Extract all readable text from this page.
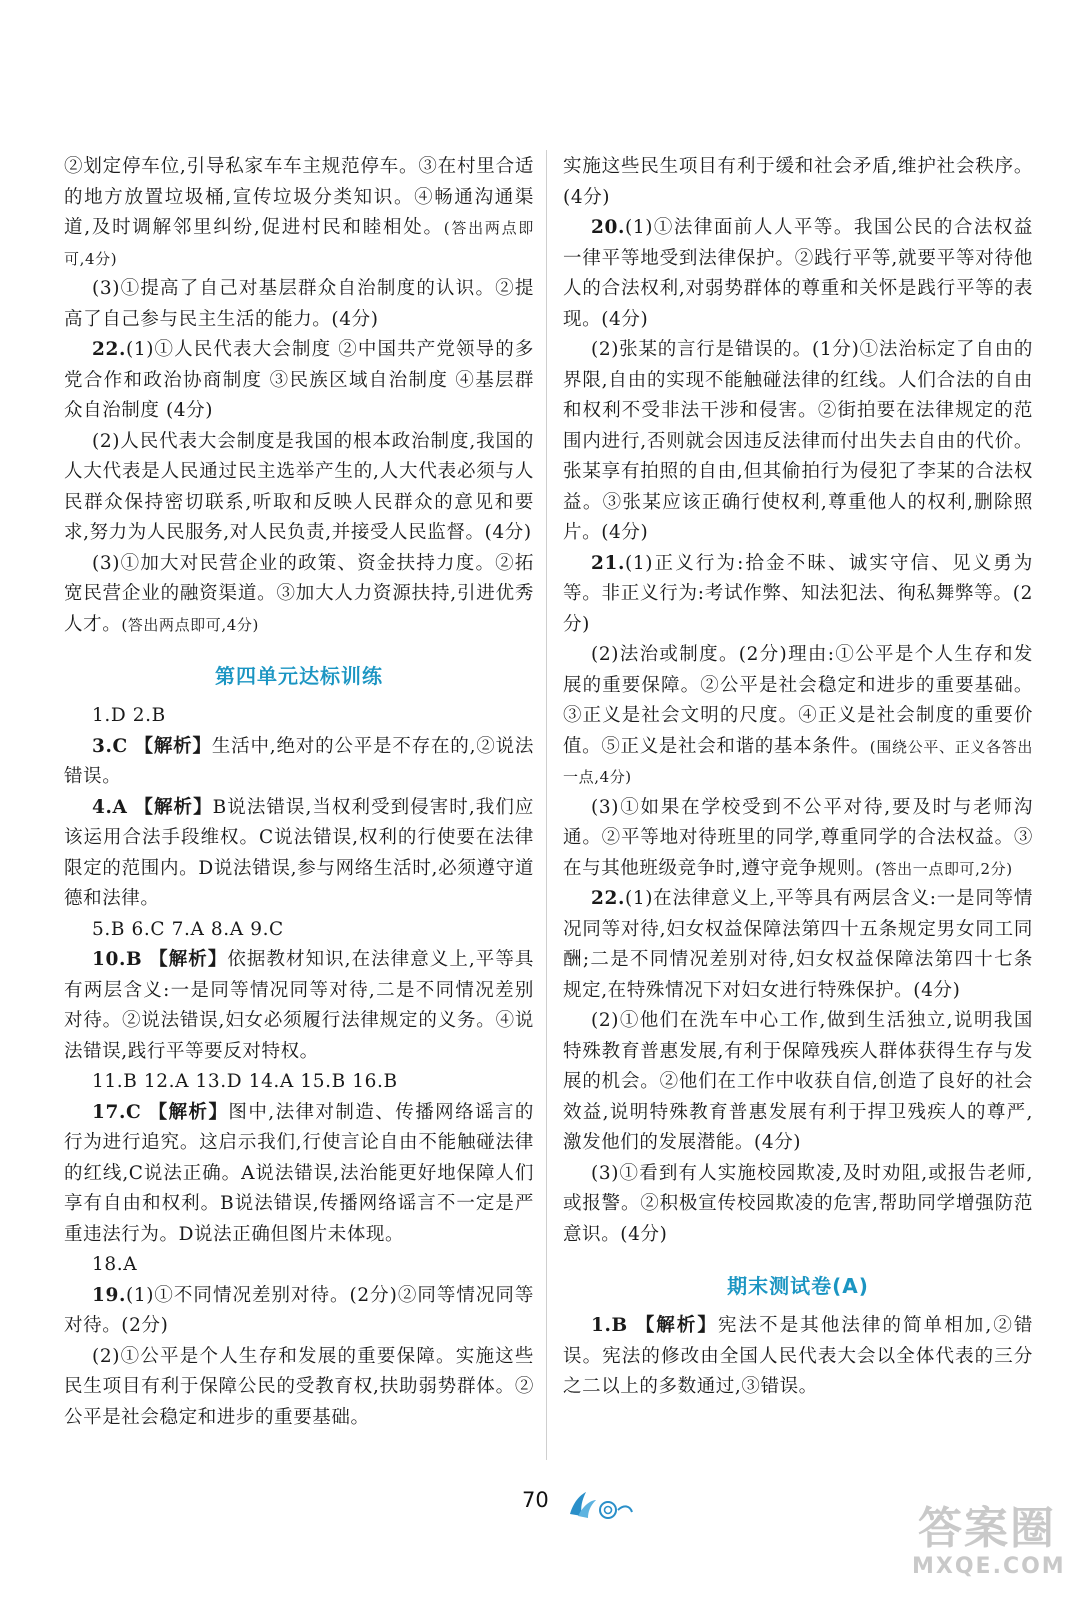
②划定停车位,引导私家车车主规范停车。③在村里合适的地方放置垃圾桶,宣传垃圾分类知识。④畅通沟通渠道,及时调解邻里纠纷,促进村民和睦相处。(答出两点即可,4分)

(3)①提高了自己对基层群众自治制度的认识。②提高了自己参与民主生活的能力。(4分)

22.(1)①人民代表大会制度 ②中国共产党领导的多党合作和政治协商制度 ③民族区域自治制度 ④基层群众自治制度 (4分)

(2)人民代表大会制度是我国的根本政治制度,我国的人大代表是人民通过民主选举产生的,人大代表必须与人民群众保持密切联系,听取和反映人民群众的意见和要求,努力为人民服务,对人民负责,并接受人民监督。(4分)

(3)①加大对民营企业的政策、资金扶持力度。②拓宽民营企业的融资渠道。③加大人力资源扶持,引进优秀人才。(答出两点即可,4分)

第四单元达标训练

1.D 2.B

3.C 【解析】生活中,绝对的公平是不存在的,②说法错误。

4.A 【解析】B说法错误,当权利受到侵害时,我们应该运用合法手段维权。C说法错误,权利的行使要在法律限定的范围内。D说法错误,参与网络生活时,必须遵守道德和法律。

5.B 6.C 7.A 8.A 9.C

10.B 【解析】依据教材知识,在法律意义上,平等具有两层含义:一是同等情况同等对待,二是不同情况差别对待。②说法错误,妇女必须履行法律规定的义务。④说法错误,践行平等要反对特权。

11.B 12.A 13.D 14.A 15.B 16.B

17.C 【解析】图中,法律对制造、传播网络谣言的行为进行追究。这启示我们,行使言论自由不能触碰法律的红线,C说法正确。A说法错误,法治能更好地保障人们享有自由和权利。B说法错误,传播网络谣言不一定是严重违法行为。D说法正确但图片未体现。

18.A

19.(1)①不同情况差别对待。(2分)②同等情况同等对待。(2分)

(2)①公平是个人生存和发展的重要保障。实施这些民生项目有利于保障公民的受教育权,扶助弱势群体。②公平是社会稳定和进步的重要基础。

实施这些民生项目有利于缓和社会矛盾,维护社会秩序。(4分)

20.(1)①法律面前人人平等。我国公民的合法权益一律平等地受到法律保护。②践行平等,就要平等对待他人的合法权利,对弱势群体的尊重和关怀是践行平等的表现。(4分)

(2)张某的言行是错误的。(1分)①法治标定了自由的界限,自由的实现不能触碰法律的红线。人们合法的自由和权利不受非法干涉和侵害。②街拍要在法律规定的范围内进行,否则就会因违反法律而付出失去自由的代价。张某享有拍照的自由,但其偷拍行为侵犯了李某的合法权益。③张某应该正确行使权利,尊重他人的权利,删除照片。(4分)

21.(1)正义行为:拾金不昧、诚实守信、见义勇为等。非正义行为:考试作弊、知法犯法、徇私舞弊等。(2分)

(2)法治或制度。(2分)理由:①公平是个人生存和发展的重要保障。②公平是社会稳定和进步的重要基础。③正义是社会文明的尺度。④正义是社会制度的重要价值。⑤正义是社会和谐的基本条件。(围绕公平、正义各答出一点,4分)

(3)①如果在学校受到不公平对待,要及时与老师沟通。②平等地对待班里的同学,尊重同学的合法权益。③在与其他班级竞争时,遵守竞争规则。(答出一点即可,2分)

22.(1)在法律意义上,平等具有两层含义:一是同等情况同等对待,妇女权益保障法第四十五条规定男女同工同酬;二是不同情况差别对待,妇女权益保障法第四十七条规定,在特殊情况下对妇女进行特殊保护。(4分)

(2)①他们在洗车中心工作,做到生活独立,说明我国特殊教育普惠发展,有利于保障残疾人群体获得生存与发展的机会。②他们在工作中收获自信,创造了良好的社会效益,说明特殊教育普惠发展有利于捍卫残疾人的尊严,激发他们的发展潜能。(4分)

(3)①看到有人实施校园欺凌,及时劝阻,或报告老师,或报警。②积极宣传校园欺凌的危害,帮助同学增强防范意识。(4分)

期末测试卷(A)

1.B 【解析】宪法不是其他法律的简单相加,②错误。宪法的修改由全国人民代表大会以全体代表的三分之二以上的多数通过,③错误。

70
答案圈
MXQE.COM
